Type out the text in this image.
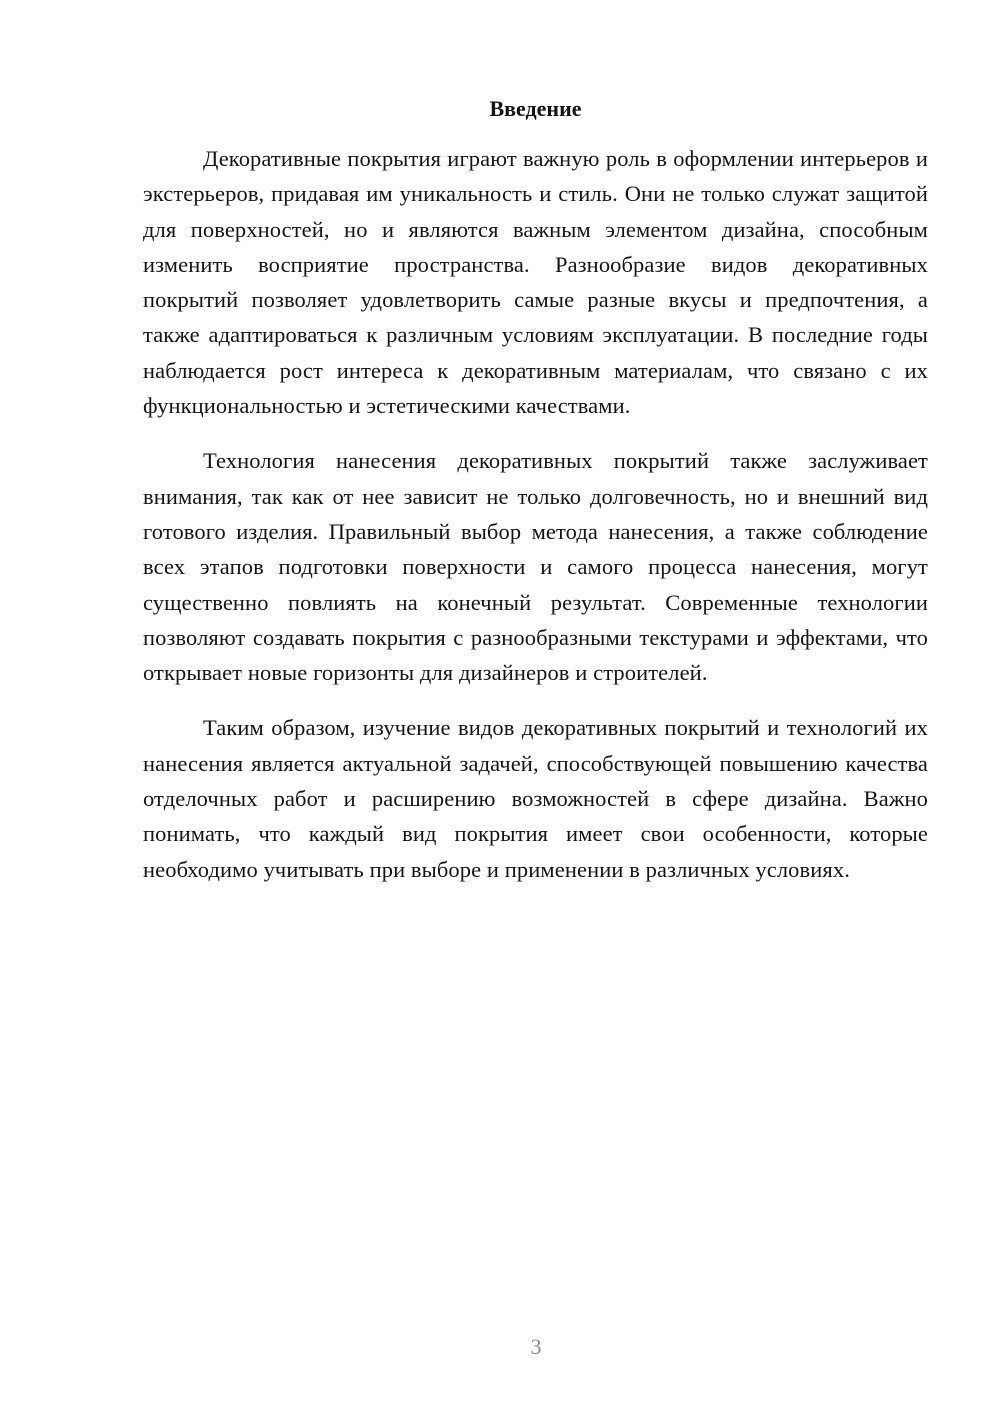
Введение

Декоративные покрытия играют важную роль в оформлении интерьеров и экстерьеров, придавая им уникальность и стиль. Они не только служат защитой для поверхностей, но и являются важным элементом дизайна, способным изменить восприятие пространства. Разнообразие видов декоративных покрытий позволяет удовлетворить самые разные вкусы и предпочтения, а также адаптироваться к различным условиям эксплуатации. В последние годы наблюдается рост интереса к декоративным материалам, что связано с их функциональностью и эстетическими качествами.

Технология нанесения декоративных покрытий также заслуживает внимания, так как от нее зависит не только долговечность, но и внешний вид готового изделия. Правильный выбор метода нанесения, а также соблюдение всех этапов подготовки поверхности и самого процесса нанесения, могут существенно повлиять на конечный результат. Современные технологии позволяют создавать покрытия с разнообразными текстурами и эффектами, что открывает новые горизонты для дизайнеров и строителей.

Таким образом, изучение видов декоративных покрытий и технологий их нанесения является актуальной задачей, способствующей повышению качества отделочных работ и расширению возможностей в сфере дизайна. Важно понимать, что каждый вид покрытия имеет свои особенности, которые необходимо учитывать при выборе и применении в различных условиях.

3
